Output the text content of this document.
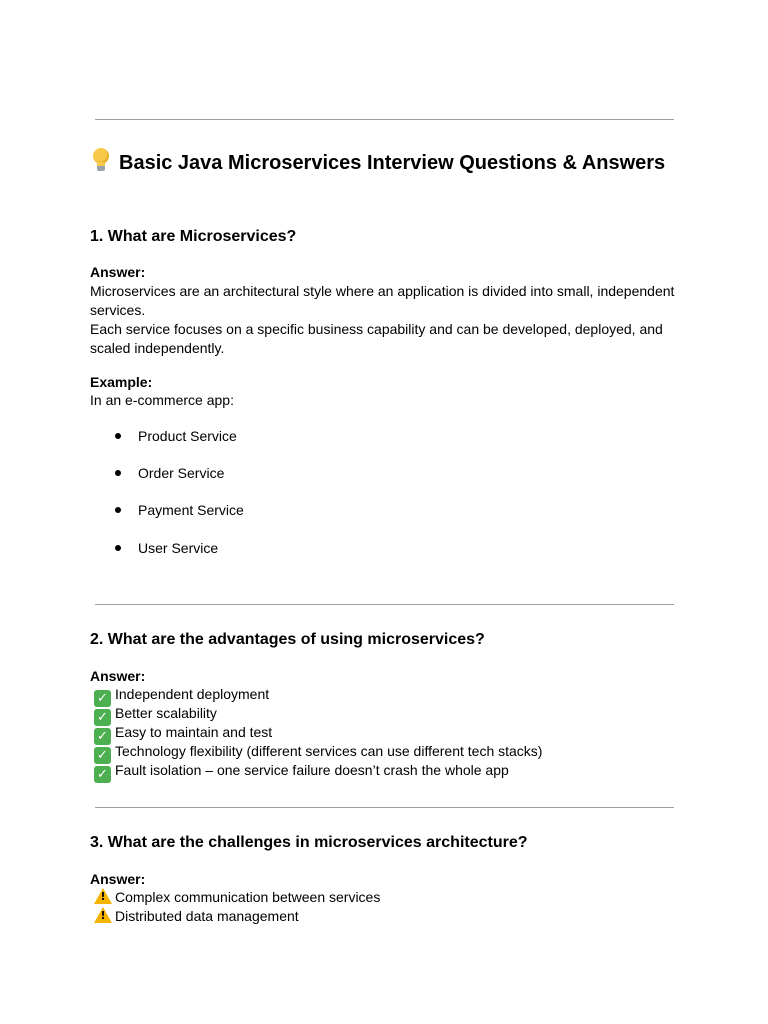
Basic Java Microservices Interview Questions & Answers
1. What are Microservices?
Answer:

Microservices are an architectural style where an application is divided into small, independent services.

Each service focuses on a specific business capability and can be developed, deployed, and scaled independently.

Example:
In an e-commerce app:
Product Service
Order Service
Payment Service
User Service
2. What are the advantages of using microservices?
Answer:
✓ Independent deployment
✓ Better scalability
✓ Easy to maintain and test
✓ Technology flexibility (different services can use different tech stacks)
✓ Fault isolation – one service failure doesn’t crash the whole app
3. What are the challenges in microservices architecture?
Answer:
! Complex communication between services
! Distributed data management
